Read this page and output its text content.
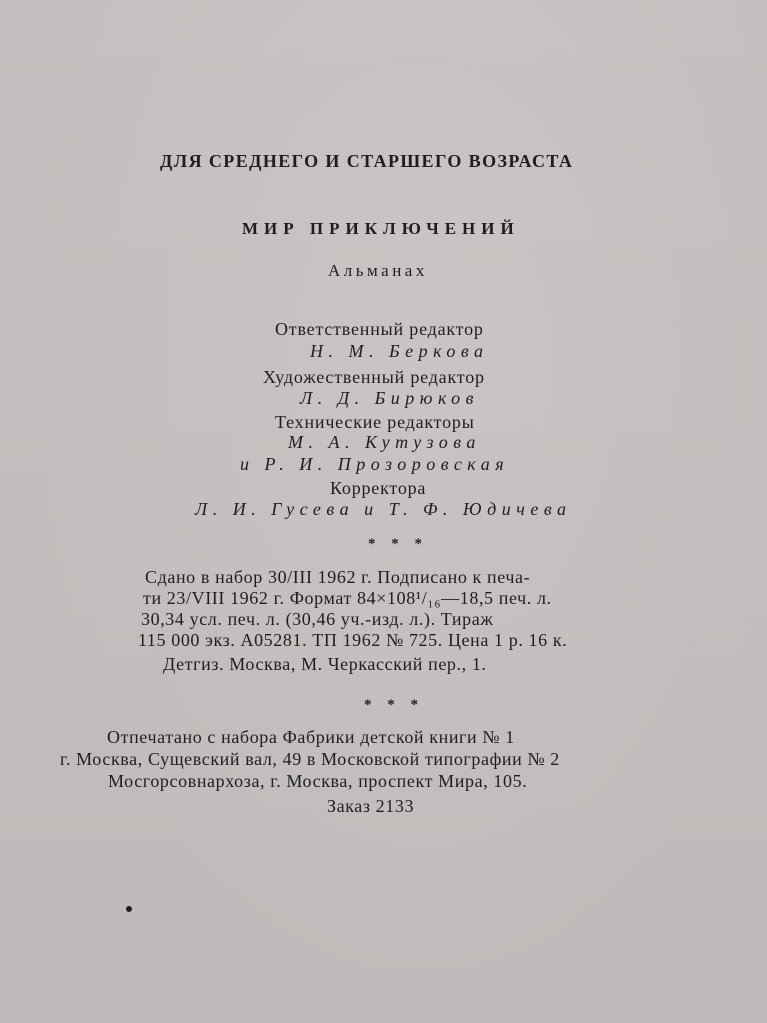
ДЛЯ СРЕДНЕГО И СТАРШЕГО ВОЗРАСТА
МИР ПРИКЛЮЧЕНИЙ
Альманах
Ответственный редактор
Н. М. Беркова
Художественный редактор
Л. Д. Бирюков
Технические редакторы
М. А. Кутузова
и Р. И. Прозоровская
Корректора
Л. И. Гусева и Т. Ф. Юдичева
* * *
Сдано в набор 30/III 1962 г. Подписано к печа-
ти 23/VIII 1962 г. Формат 84×108¹/₁₆—18,5 печ. л.
30,34 усл. печ. л. (30,46 уч.-изд. л.). Тираж
115 000 экз. А05281. ТП 1962 № 725. Цена 1 р. 16 к.
Детгиз. Москва, М. Черкасский пер., 1.
* * *
Отпечатано с набора Фабрики детской книги № 1
г. Москва, Сущевский вал, 49 в Московской типографии № 2
Мосгорсовнархоза, г. Москва, проспект Мира, 105.
Заказ 2133
